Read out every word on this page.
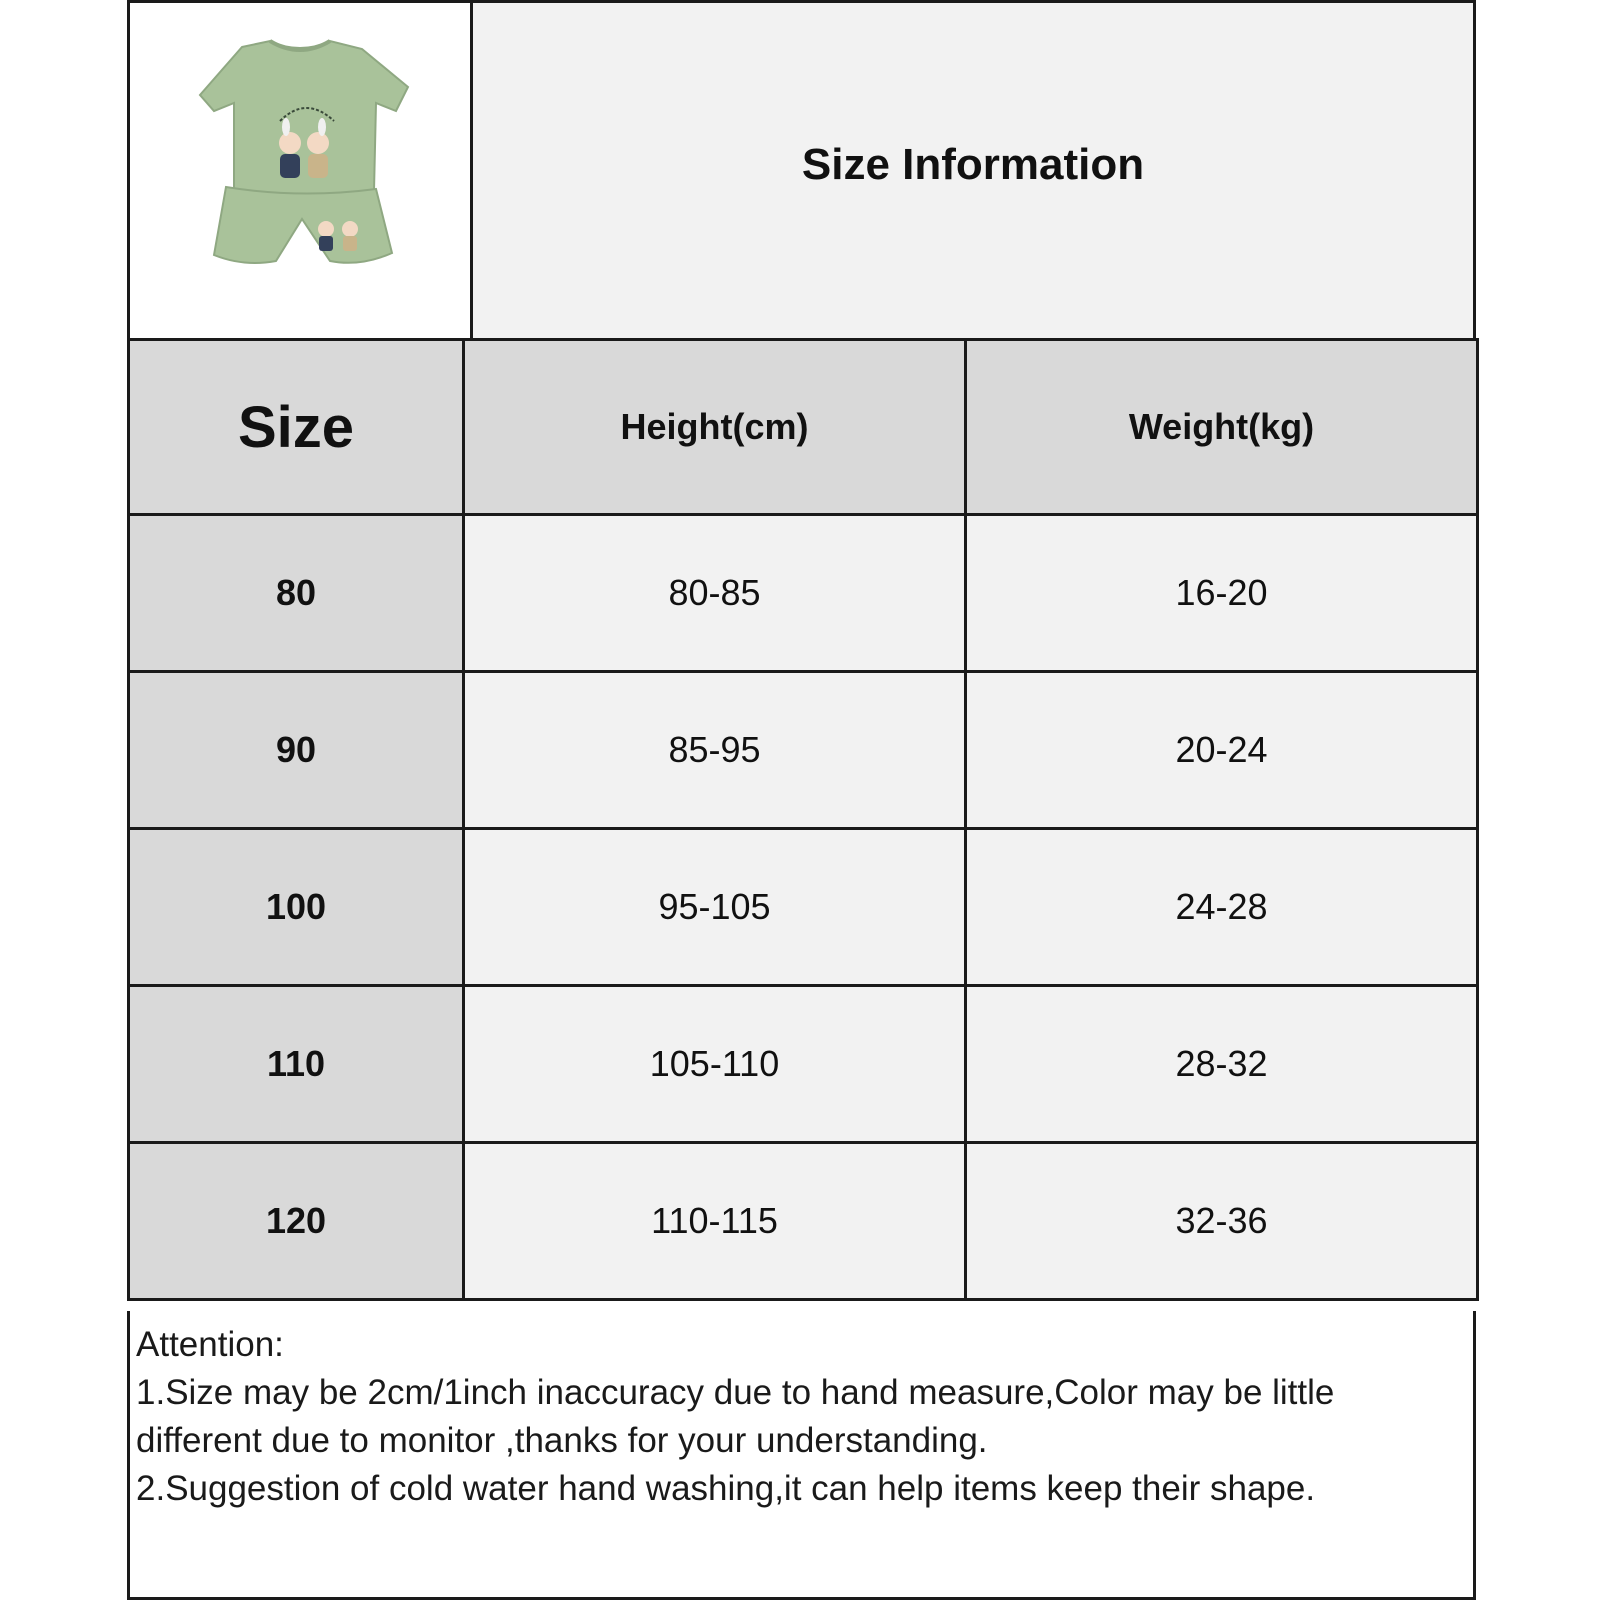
Size Information
Size	Height(cm)	Weight(kg)
80	80-85	16-20
90	85-95	20-24
100	95-105	24-28
110	105-110	28-32
120	110-115	32-36

Attention:

1.Size may be 2cm/1inch inaccuracy due to hand measure,Color may be little different due to monitor ,thanks for your understanding.

2.Suggestion of cold water hand washing,it can help items keep their shape.
